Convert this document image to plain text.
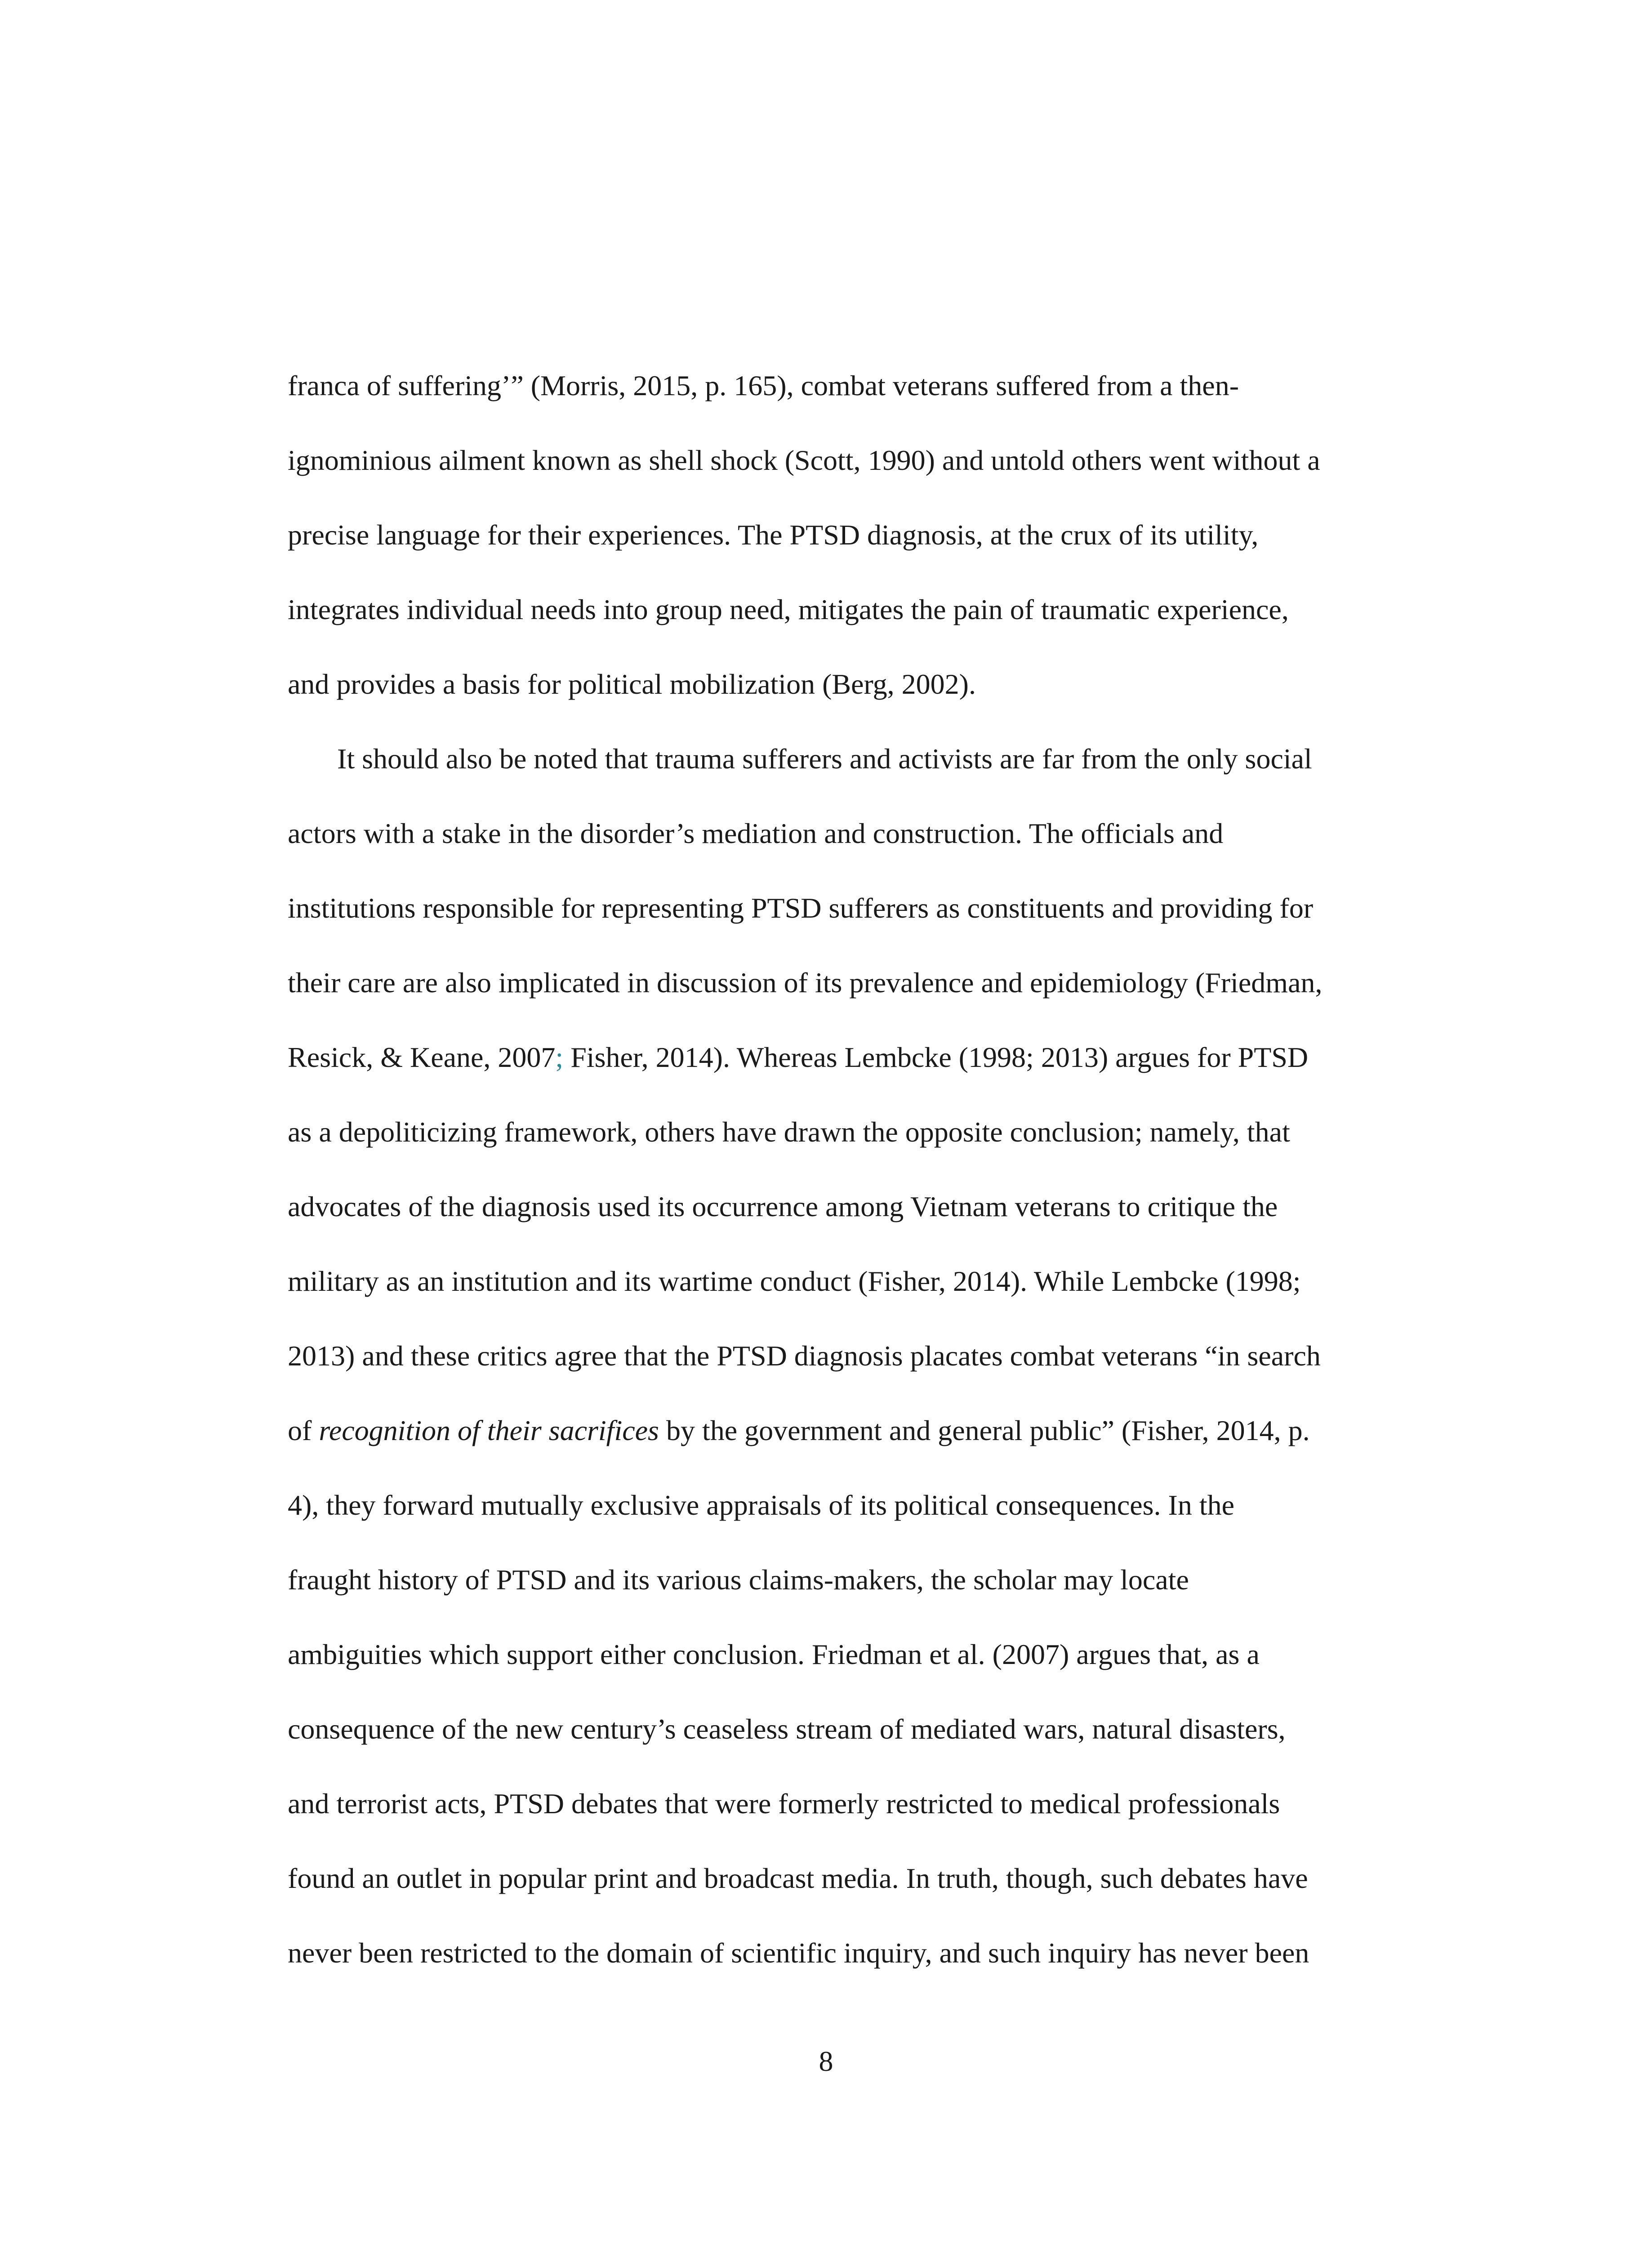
franca of suffering’” (Morris, 2015, p. 165), combat veterans suffered from a then-
ignominious ailment known as shell shock (Scott, 1990) and untold others went without a
precise language for their experiences. The PTSD diagnosis, at the crux of its utility,
integrates individual needs into group need, mitigates the pain of traumatic experience,
and provides a basis for political mobilization (Berg, 2002).
It should also be noted that trauma sufferers and activists are far from the only social
actors with a stake in the disorder’s mediation and construction. The officials and
institutions responsible for representing PTSD sufferers as constituents and providing for
their care are also implicated in discussion of its prevalence and epidemiology (Friedman,
Resick, & Keane, 2007; Fisher, 2014). Whereas Lembcke (1998; 2013) argues for PTSD
as a depoliticizing framework, others have drawn the opposite conclusion; namely, that
advocates of the diagnosis used its occurrence among Vietnam veterans to critique the
military as an institution and its wartime conduct (Fisher, 2014). While Lembcke (1998;
2013) and these critics agree that the PTSD diagnosis placates combat veterans “in search
of recognition of their sacrifices by the government and general public” (Fisher, 2014, p.
4), they forward mutually exclusive appraisals of its political consequences. In the
fraught history of PTSD and its various claims-makers, the scholar may locate
ambiguities which support either conclusion. Friedman et al. (2007) argues that, as a
consequence of the new century’s ceaseless stream of mediated wars, natural disasters,
and terrorist acts, PTSD debates that were formerly restricted to medical professionals
found an outlet in popular print and broadcast media. In truth, though, such debates have
never been restricted to the domain of scientific inquiry, and such inquiry has never been
8
